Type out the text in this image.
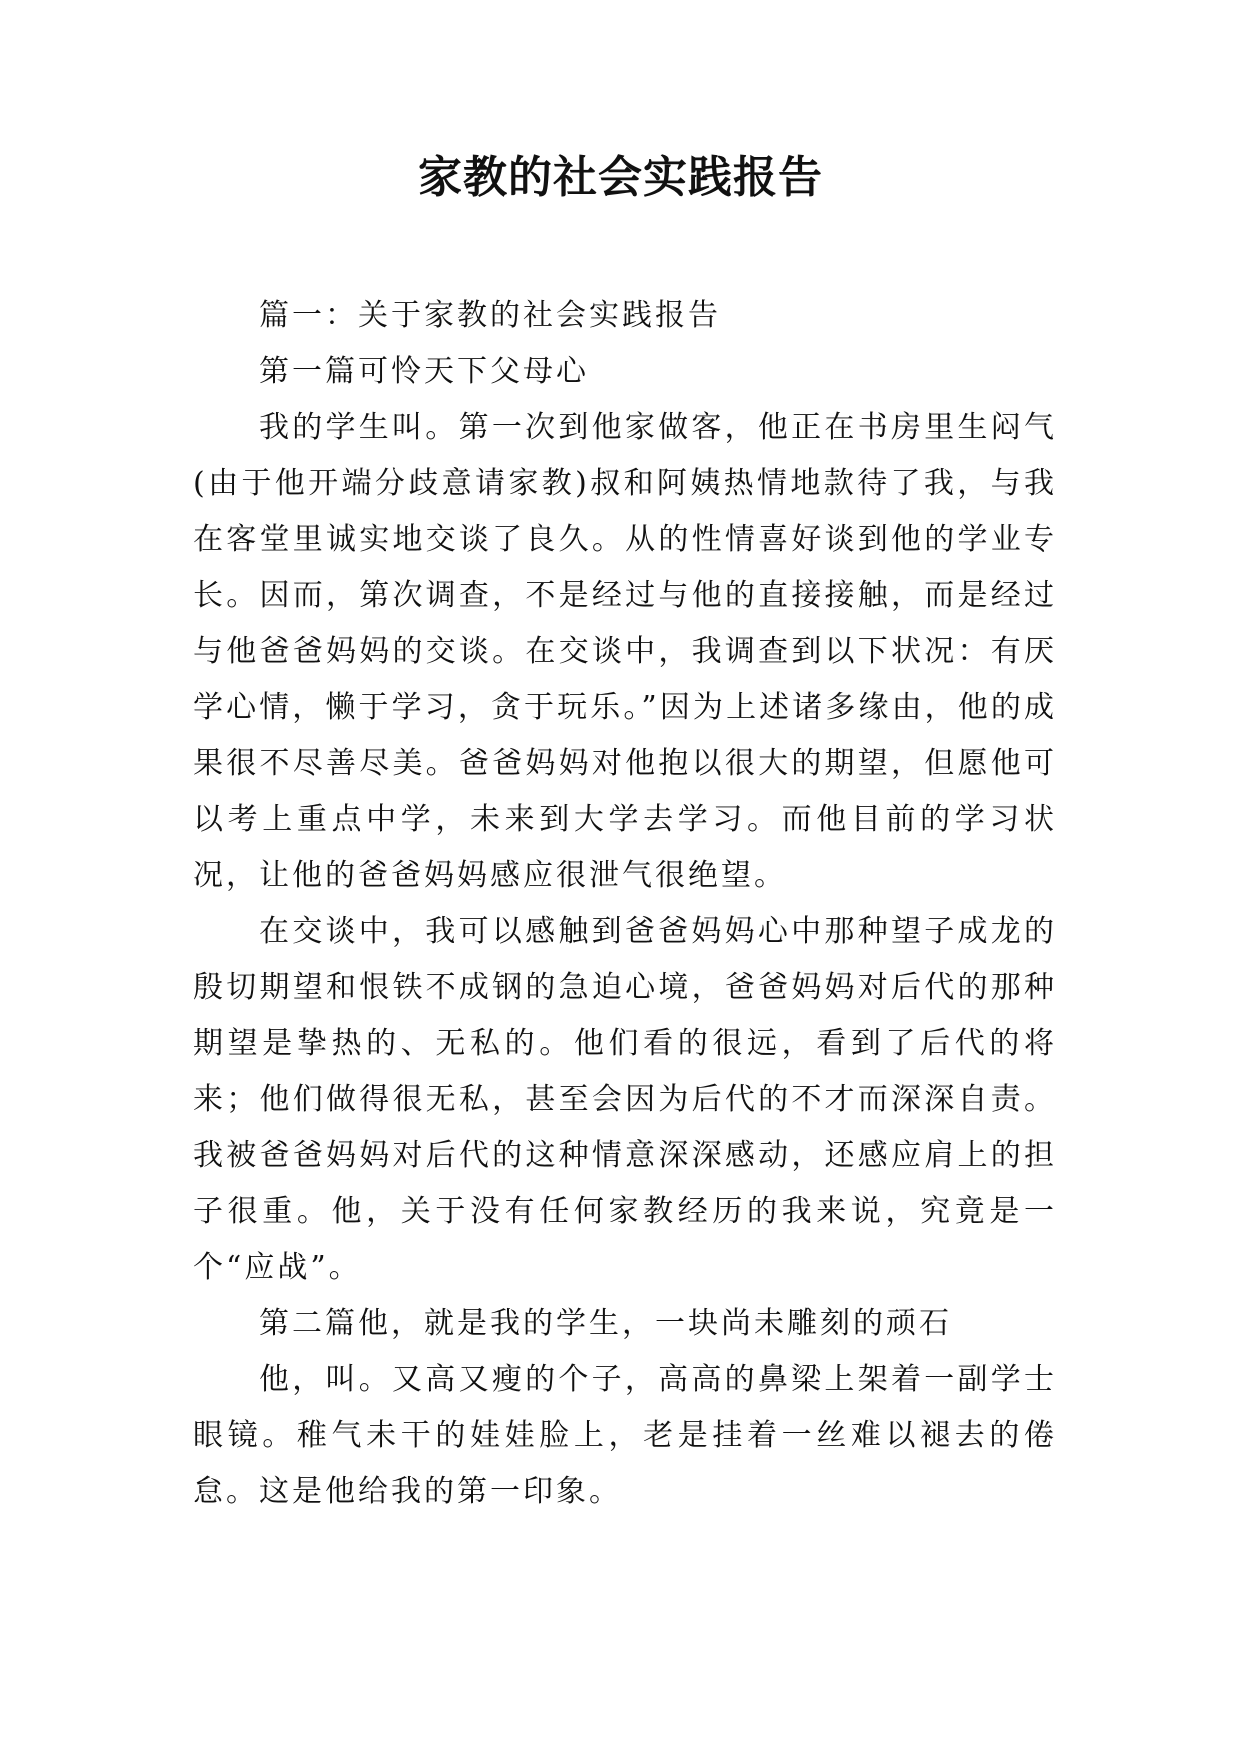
家教的社会实践报告

篇一：关于家教的社会实践报告

第一篇可怜天下父母心

我的学生叫。第一次到他家做客，他正在书房里生闷气(由于他开端分歧意请家教)叔和阿姨热情地款待了我，与我在客堂里诚实地交谈了良久。从的性情喜好谈到他的学业专长。因而，第次调查，不是经过与他的直接接触，而是经过与他爸爸妈妈的交谈。在交谈中，我调查到以下状况：有厌学心情，懒于学习，贪于玩乐。”因为上述诸多缘由，他的成果很不尽善尽美。爸爸妈妈对他抱以很大的期望，但愿他可以考上重点中学，未来到大学去学习。而他目前的学习状况，让他的爸爸妈妈感应很泄气很绝望。

在交谈中，我可以感触到爸爸妈妈心中那种望子成龙的殷切期望和恨铁不成钢的急迫心境，爸爸妈妈对后代的那种期望是挚热的、无私的。他们看的很远，看到了后代的将来；他们做得很无私，甚至会因为后代的不才而深深自责。我被爸爸妈妈对后代的这种情意深深感动，还感应肩上的担子很重。他，关于没有任何家教经历的我来说，究竟是一个“应战”。

第二篇他，就是我的学生，一块尚未雕刻的顽石

他，叫。又高又瘦的个子，高高的鼻梁上架着一副学士眼镜。稚气未干的娃娃脸上，老是挂着一丝难以褪去的倦怠。这是他给我的第一印象。
